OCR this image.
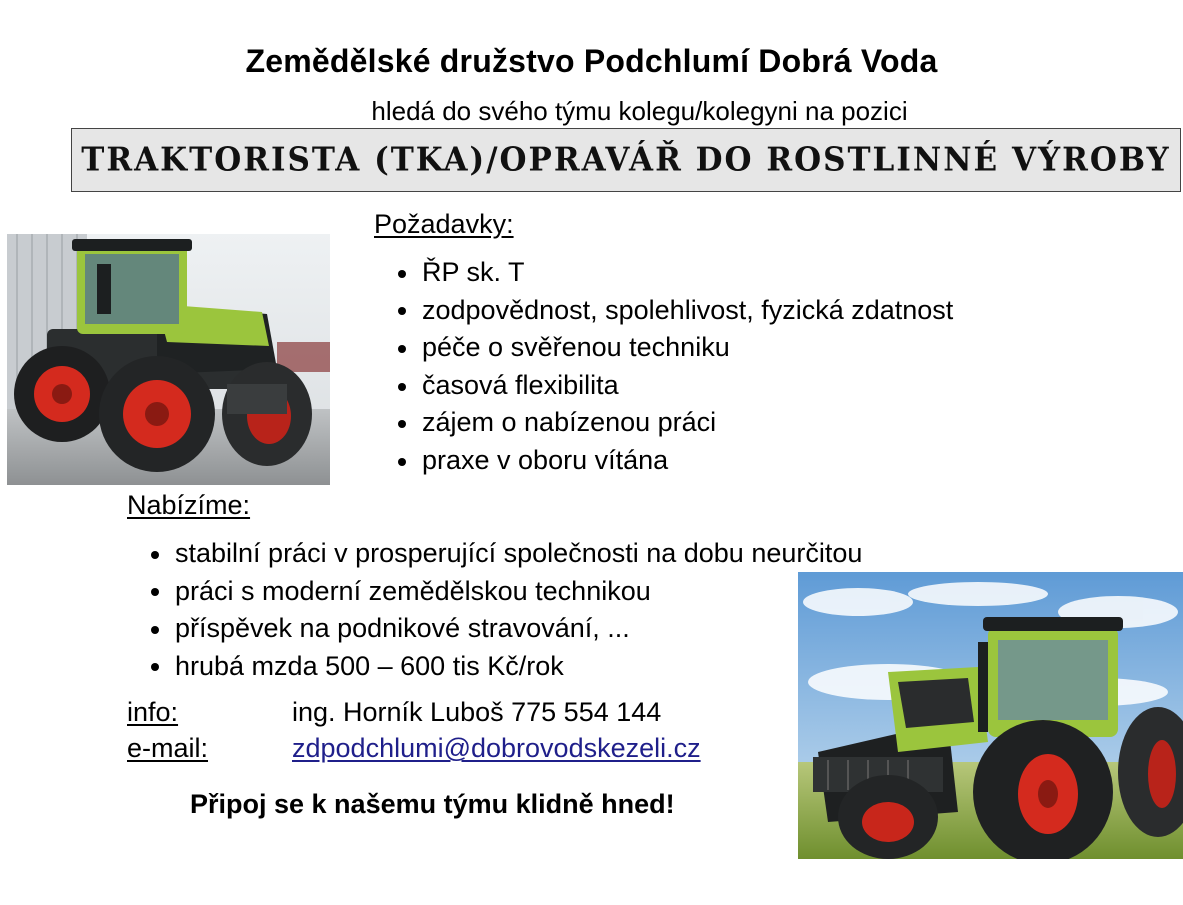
Zemědělské družstvo Podchlumí Dobrá Voda
hledá do svého týmu kolegu/kolegyni na pozici
TRAKTORISTA (TKA)/OPRAVÁŘ DO ROSTLINNÉ VÝROBY
Požadavky:
ŘP sk. T
zodpovědnost, spolehlivost, fyzická zdatnost
péče o svěřenou techniku
časová flexibilita
zájem o nabízenou práci
praxe v oboru vítána
Nabízíme:
stabilní práci v prosperující společnosti na dobu neurčitou
práci s moderní zemědělskou technikou
příspěvek na podnikové stravování, ...
hrubá mzda 500 – 600 tis Kč/rok
info:	ing. Horník Luboš 775 554 144
e-mail:	zdpodchlumi@dobrovodskezeli.cz
Připoj se k našemu týmu klidně hned!
